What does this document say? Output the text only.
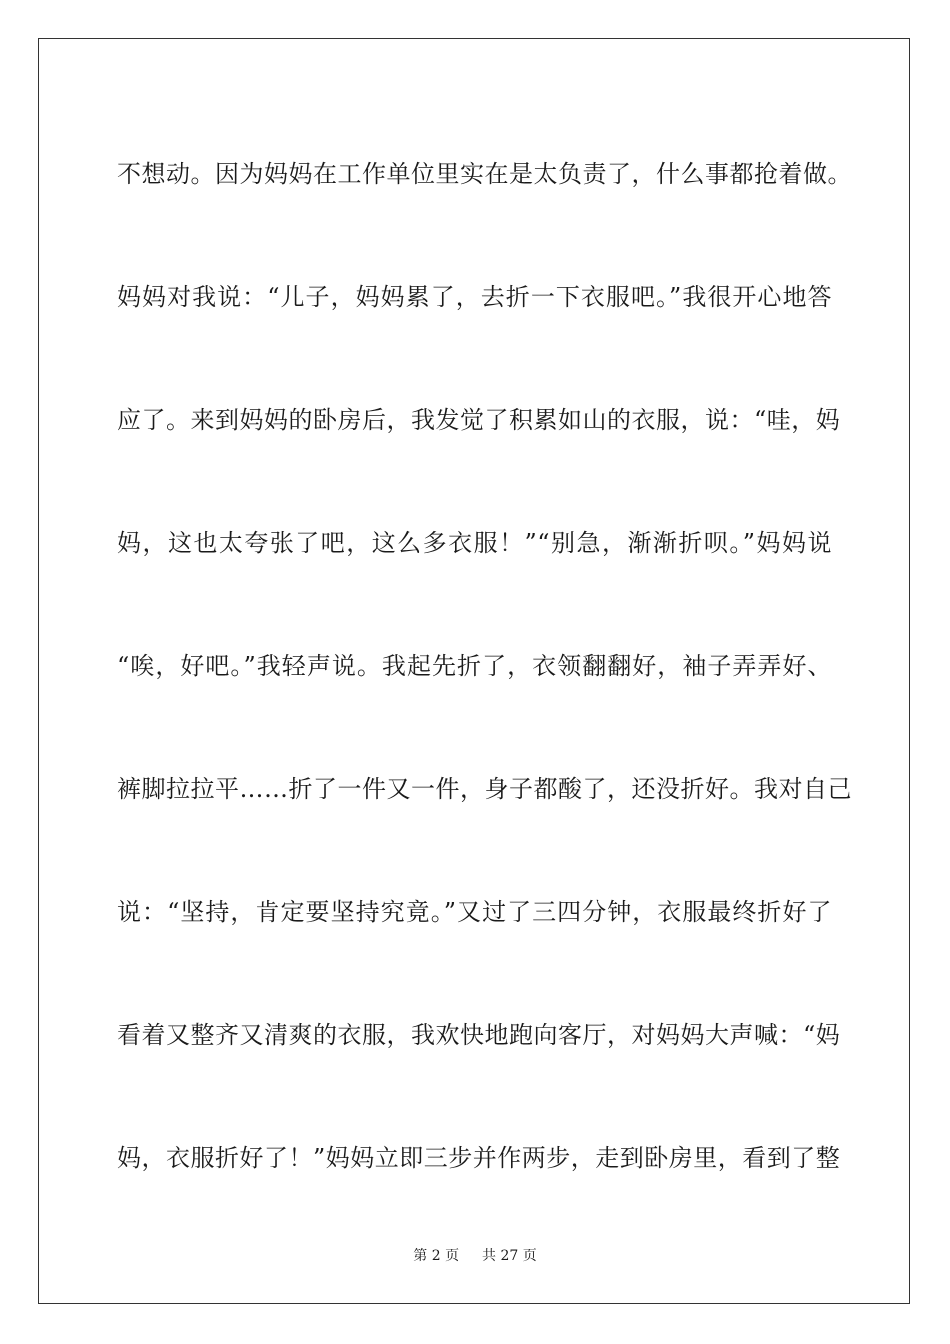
不想动。因为妈妈在工作单位里实在是太负责了，什么事都抢着做。

妈妈对我说：“儿子，妈妈累了，去折一下衣服吧。”我很开心地答

应了。来到妈妈的卧房后，我发觉了积累如山的衣服，说：“哇，妈

妈，这也太夸张了吧，这么多衣服！”“别急，渐渐折呗。”妈妈说

“唉，好吧。”我轻声说。我起先折了，衣领翻翻好，袖子弄弄好、

裤脚拉拉平……折了一件又一件，身子都酸了，还没折好。我对自己

说：“坚持，肯定要坚持究竟。”又过了三四分钟，衣服最终折好了

看着又整齐又清爽的衣服，我欢快地跑向客厅，对妈妈大声喊：“妈

妈，衣服折好了！”妈妈立即三步并作两步，走到卧房里，看到了整

第 2 页 共 27 页
